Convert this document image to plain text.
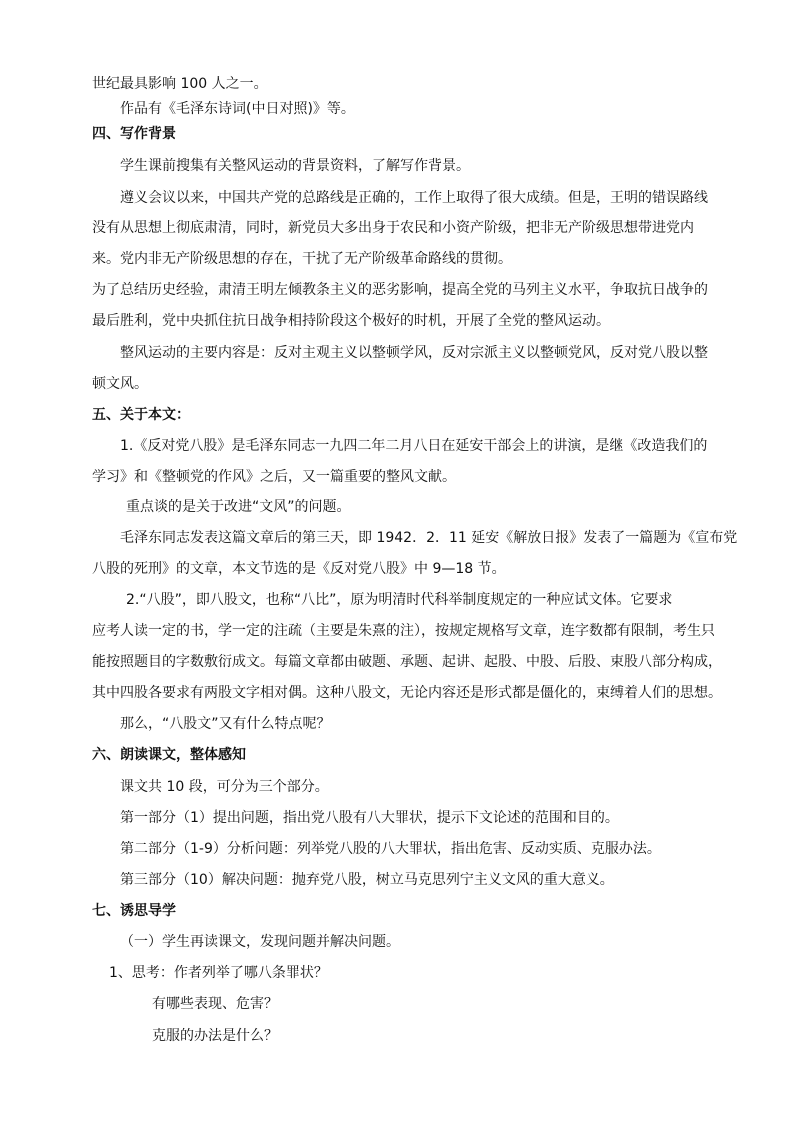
世纪最具影响 100 人之一。
作品有《毛泽东诗词(中日对照)》等。
四、写作背景
学生课前搜集有关整风运动的背景资料，了解写作背景。
遵义会议以来，中国共产党的总路线是正确的，工作上取得了很大成绩。但是，王明的错误路线
没有从思想上彻底肃清，同时，新党员大多出身于农民和小资产阶级，把非无产阶级思想带进党内
来。党内非无产阶级思想的存在，干扰了无产阶级革命路线的贯彻。
为了总结历史经验，肃清王明左倾教条主义的恶劣影响，提高全党的马列主义水平，争取抗日战争的
最后胜利，党中央抓住抗日战争相持阶段这个极好的时机，开展了全党的整风运动。
整风运动的主要内容是：反对主观主义以整顿学风，反对宗派主义以整顿党风，反对党八股以整
顿文风。
五、关于本文：
1.《反对党八股》是毛泽东同志一九四二年二月八日在延安干部会上的讲演，是继《改造我们的
学习》和《整顿党的作风》之后，又一篇重要的整风文献。
重点谈的是关于改进“文风”的问题。
毛泽东同志发表这篇文章后的第三天，即 1942．2．11 延安《解放日报》发表了一篇题为《宣布党
八股的死刑》的文章，本文节选的是《反对党八股》中 9—18 节。
2.“八股”，即八股文，也称“八比”，原为明清时代科举制度规定的一种应试文体。它要求
应考人读一定的书，学一定的注疏（主要是朱熹的注），按规定规格写文章，连字数都有限制，考生只
能按照题目的字数敷衍成文。每篇文章都由破题、承题、起讲、起股、中股、后股、束股八部分构成，
其中四股各要求有两股文字相对偶。这种八股文，无论内容还是形式都是僵化的，束缚着人们的思想。
那么，“八股文”又有什么特点呢？
六、朗读课文，整体感知
课文共 10 段，可分为三个部分。
第一部分（1）提出问题，指出党八股有八大罪状，提示下文论述的范围和目的。
第二部分（1-9）分析问题：列举党八股的八大罪状，指出危害、反动实质、克服办法。
第三部分（10）解决问题：抛弃党八股，树立马克思列宁主义文风的重大意义。
七、诱思导学
（一）学生再读课文，发现问题并解决问题。
1、思考：作者列举了哪八条罪状？
有哪些表现、危害？
克服的办法是什么？
